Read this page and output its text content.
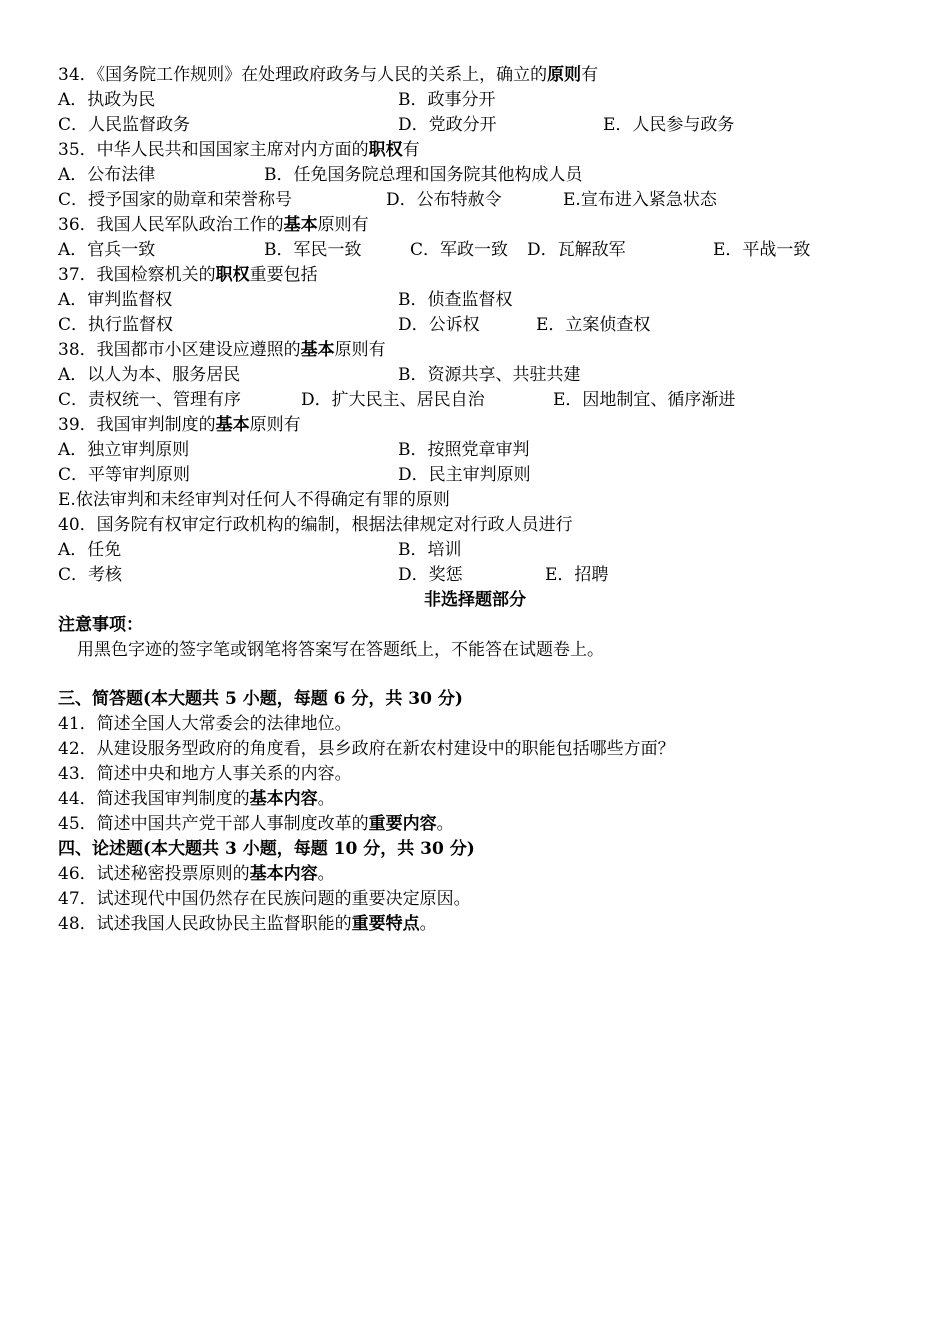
34．《国务院工作规则》在处理政府政务与人民的关系上，确立的原则有
A．执政为民	B．政事分开
C．人民监督政务	D．党政分开	E．人民参与政务
35．中华人民共和国国家主席对内方面的职权有
A．公布法律	B．任免国务院总理和国务院其他构成人员
C．授予国家的勋章和荣誉称号	D．公布特赦令	E.宣布进入紧急状态
36．我国人民军队政治工作的基本原则有
A．官兵一致	B．军民一致	C．军政一致 D．瓦解敌军	E．平战一致
37．我国检察机关的职权重要包括
A．审判监督权	B．侦查监督权
C．执行监督权	D．公诉权	E．立案侦查权
38．我国都市小区建设应遵照的基本原则有
A．以人为本、服务居民	B．资源共享、共驻共建
C．责权统一、管理有序	D．扩大民主、居民自治	E．因地制宜、循序渐进
39．我国审判制度的基本原则有
A．独立审判原则	B．按照党章审判
C．平等审判原则	D．民主审判原则
E.依法审判和未经审判对任何人不得确定有罪的原则
40．国务院有权审定行政机构的编制，根据法律规定对行政人员进行
A．任免	B．培训
C．考核	D．奖惩	E．招聘
非选择题部分
注意事项：
用黑色字迹的签字笔或钢笔将答案写在答题纸上，不能答在试题卷上。
三、简答题(本大题共 5 小题，每题 6 分，共 30 分)
41．简述全国人大常委会的法律地位。
42．从建设服务型政府的角度看，县乡政府在新农村建设中的职能包括哪些方面？
43．简述中央和地方人事关系的内容。
44．简述我国审判制度的基本内容。
45．简述中国共产党干部人事制度改革的重要内容。
四、论述题(本大题共 3 小题，每题 10 分，共 30 分)
46．试述秘密投票原则的基本内容。
47．试述现代中国仍然存在民族问题的重要决定原因。
48．试述我国人民政协民主监督职能的重要特点。
